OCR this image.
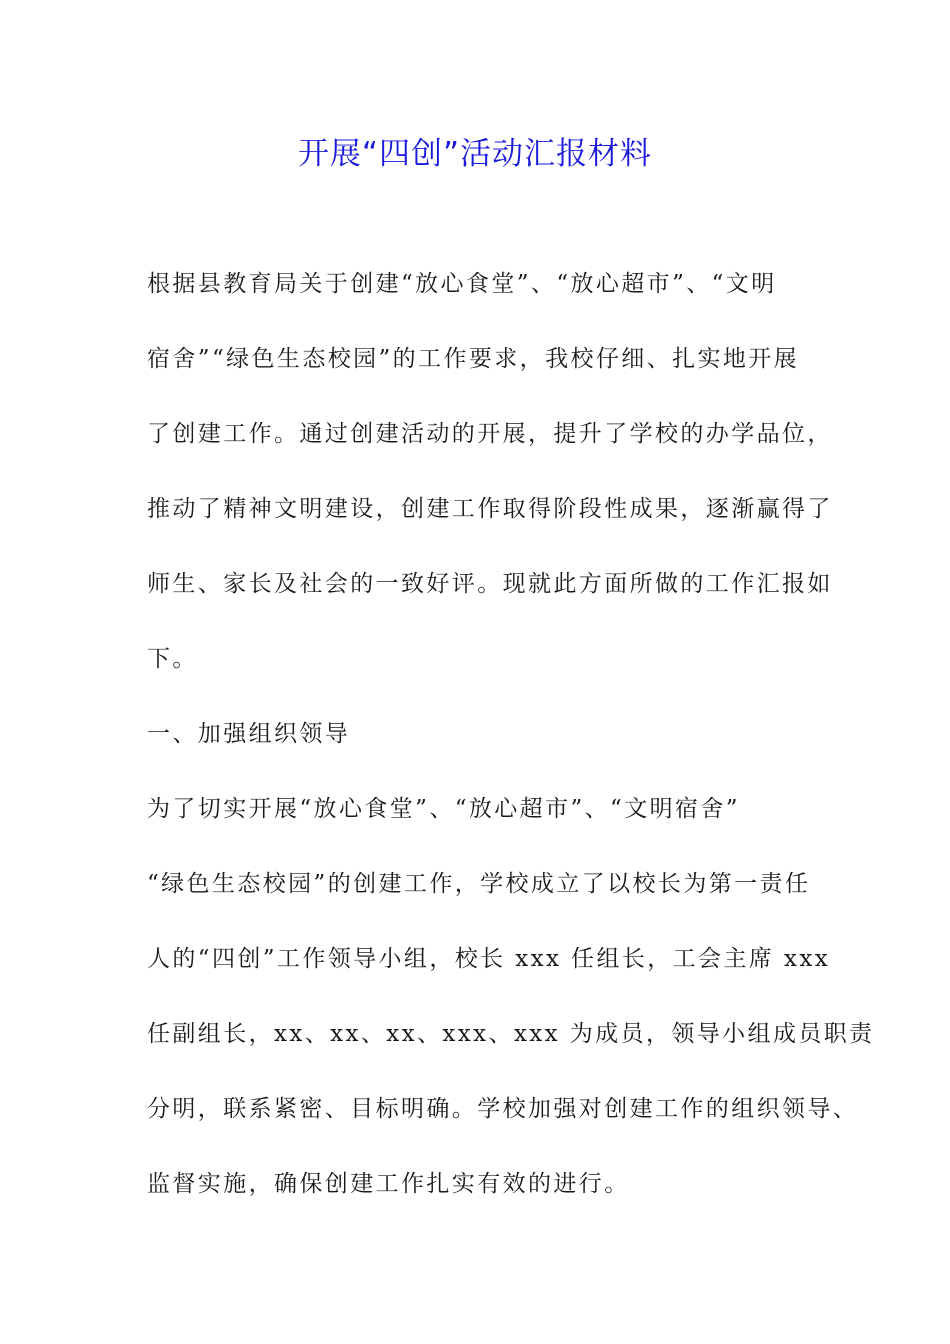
开展“四创”活动汇报材料
根据县教育局关于创建“放心食堂”、“放心超市”、“文明
宿舍”“绿色生态校园”的工作要求，我校仔细、扎实地开展
了创建工作。通过创建活动的开展，提升了学校的办学品位，
推动了精神文明建设，创建工作取得阶段性成果，逐渐赢得了
师生、家长及社会的一致好评。现就此方面所做的工作汇报如
下。
一、加强组织领导
为了切实开展“放心食堂”、“放心超市”、“文明宿舍”
“绿色生态校园”的创建工作，学校成立了以校长为第一责任
人的“四创”工作领导小组，校长 xxx 任组长，工会主席 xxx
任副组长，xx、xx、xx、xxx、xxx 为成员，领导小组成员职责
分明，联系紧密、目标明确。学校加强对创建工作的组织领导、
监督实施，确保创建工作扎实有效的进行。
